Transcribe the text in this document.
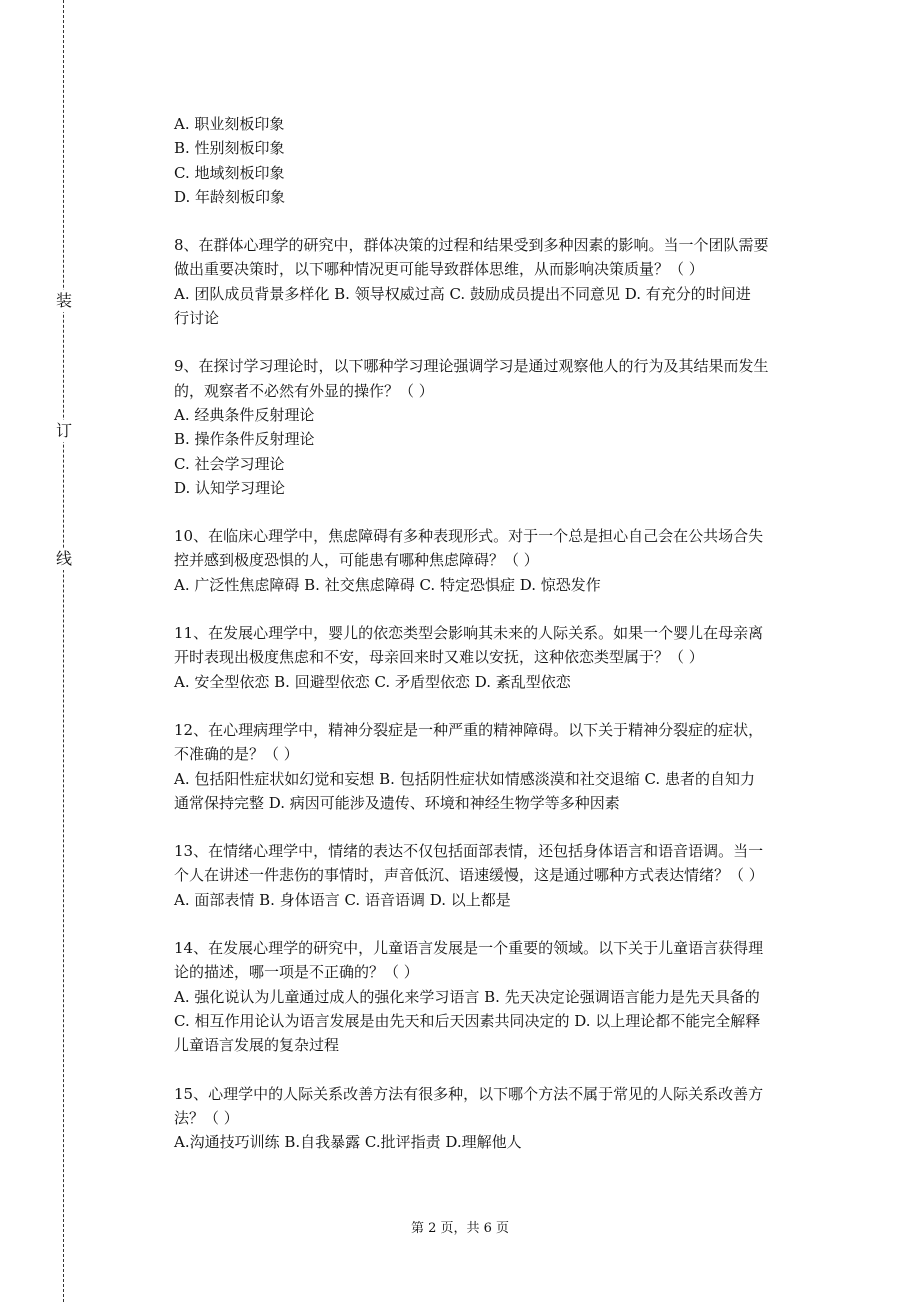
装
订
线

A. 职业刻板印象

B. 性别刻板印象

C. 地域刻板印象

D. 年龄刻板印象

8、在群体心理学的研究中，群体决策的过程和结果受到多种因素的影响。当一个团队需要

做出重要决策时，以下哪种情况更可能导致群体思维，从而影响决策质量？（ ）

A. 团队成员背景多样化 B. 领导权威过高 C. 鼓励成员提出不同意见 D. 有充分的时间进

行讨论

9、在探讨学习理论时，以下哪种学习理论强调学习是通过观察他人的行为及其结果而发生

的，观察者不必然有外显的操作？（ ）

A. 经典条件反射理论

B. 操作条件反射理论

C. 社会学习理论

D. 认知学习理论

10、在临床心理学中，焦虑障碍有多种表现形式。对于一个总是担心自己会在公共场合失

控并感到极度恐惧的人，可能患有哪种焦虑障碍？（ ）

A. 广泛性焦虑障碍 B. 社交焦虑障碍 C. 特定恐惧症 D. 惊恐发作

11、在发展心理学中，婴儿的依恋类型会影响其未来的人际关系。如果一个婴儿在母亲离

开时表现出极度焦虑和不安，母亲回来时又难以安抚，这种依恋类型属于？（ ）

A. 安全型依恋 B. 回避型依恋 C. 矛盾型依恋 D. 紊乱型依恋

12、在心理病理学中，精神分裂症是一种严重的精神障碍。以下关于精神分裂症的症状，

不准确的是？（ ）

A. 包括阳性症状如幻觉和妄想 B. 包括阴性症状如情感淡漠和社交退缩 C. 患者的自知力

通常保持完整 D. 病因可能涉及遗传、环境和神经生物学等多种因素

13、在情绪心理学中，情绪的表达不仅包括面部表情，还包括身体语言和语音语调。当一

个人在讲述一件悲伤的事情时，声音低沉、语速缓慢，这是通过哪种方式表达情绪？（ ）

A. 面部表情 B. 身体语言 C. 语音语调 D. 以上都是

14、在发展心理学的研究中，儿童语言发展是一个重要的领域。以下关于儿童语言获得理

论的描述，哪一项是不正确的？（ ）

A. 强化说认为儿童通过成人的强化来学习语言 B. 先天决定论强调语言能力是先天具备的

C. 相互作用论认为语言发展是由先天和后天因素共同决定的 D. 以上理论都不能完全解释

儿童语言发展的复杂过程

15、心理学中的人际关系改善方法有很多种，以下哪个方法不属于常见的人际关系改善方

法？（ ）

A.沟通技巧训练 B.自我暴露 C.批评指责 D.理解他人

第 2 页，共 6 页
